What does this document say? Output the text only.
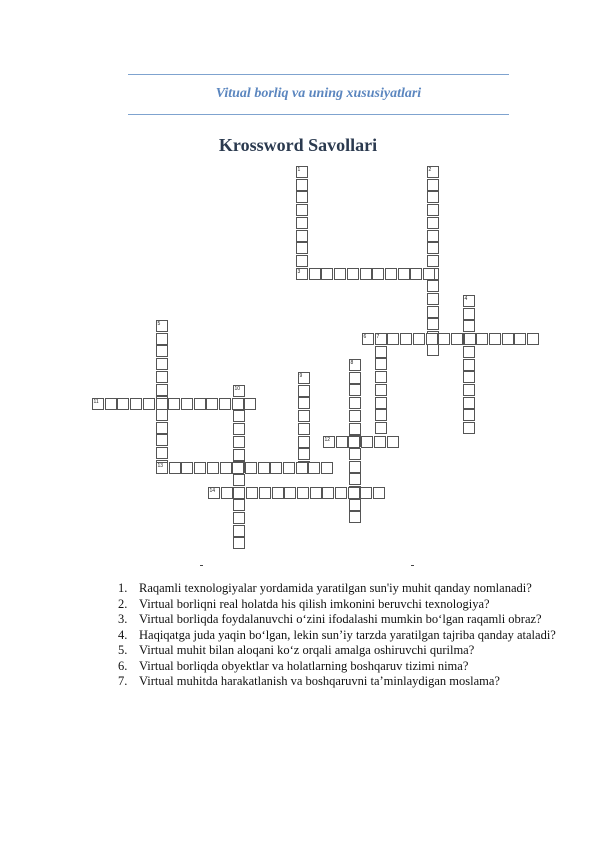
Vitual borliq va uning xususiyatlari
Krossword Savollari
1	2
3
4
5
6 7
8
9
10
11
12
13
14
1. Raqamli texnologiyalar yordamida yaratilgan sun'iy muhit qanday nomlanadi?
2. Virtual borliqni real holatda his qilish imkonini beruvchi texnologiya?
3. Virtual borliqda foydalanuvchi o‘zini ifodalashi mumkin bo‘lgan raqamli obraz?
4. Haqiqatga juda yaqin bo‘lgan, lekin sun’iy tarzda yaratilgan tajriba qanday ataladi?
5. Virtual muhit bilan aloqani ko‘z orqali amalga oshiruvchi qurilma?
6. Virtual borliqda obyektlar va holatlarning boshqaruv tizimi nima?
7. Virtual muhitda harakatlanish va boshqaruvni ta’minlaydigan moslama?
